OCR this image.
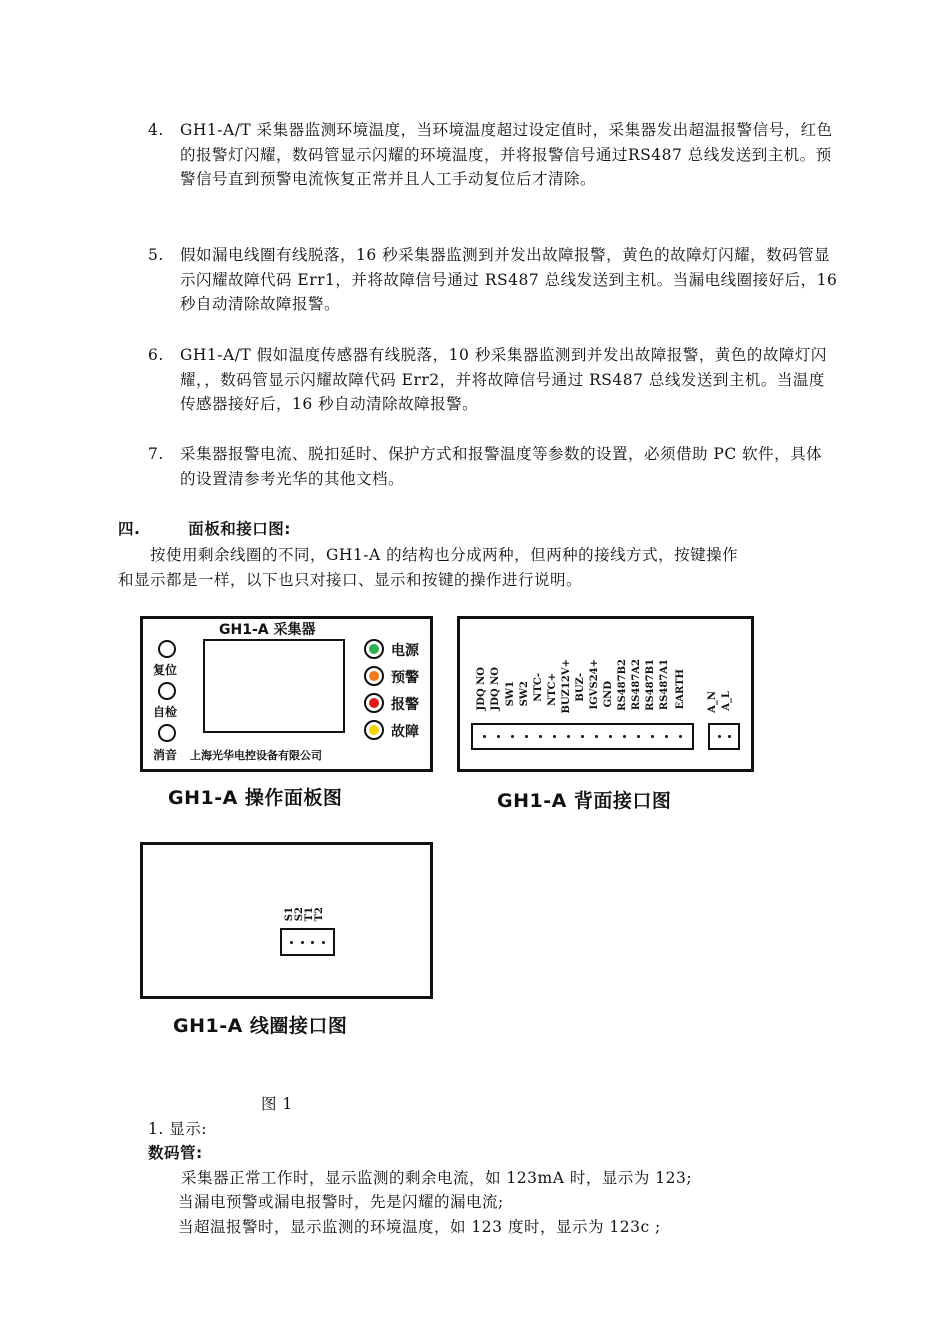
4.	GH1-A/T 采集器监测环境温度，当环境温度超过设定值时，采集器发出超温报警信号，红色的报警灯闪耀，数码管显示闪耀的环境温度，并将报警信号通过RS487 总线发送到主机。预警信号直到预警电流恢复正常并且人工手动复位后才清除。
5.	假如漏电线圈有线脱落，16 秒采集器监测到并发出故障报警，黄色的故障灯闪耀，数码管显示闪耀故障代码 Err1，并将故障信号通过 RS487 总线发送到主机。当漏电线圈接好后，16 秒自动清除故障报警。
6.	GH1-A/T 假如温度传感器有线脱落，10 秒采集器监测到并发出故障报警，黄色的故障灯闪耀，，数码管显示闪耀故障代码 Err2，并将故障信号通过 RS487 总线发送到主机。当温度传感器接好后，16 秒自动清除故障报警。
7.	采集器报警电流、脱扣延时、保护方式和报警温度等参数的设置，必须借助 PC 软件，具体的设置清参考光华的其他文档。
四.	面板和接口图:
按使用剩余线圈的不同，GH1-A 的结构也分成两种，但两种的接线方式，按键操作
和显示都是一样，以下也只对接口、显示和按键的操作进行说明。
GH1-A 采集器
复位
自检
消音
电源
预警
报警
故障
上海光华电控设备有限公司
GH1-A 操作面板图
JDQ NO JDQ NO SW1 SW2 NTC- NTC+ BUZ12V+ BUZ- IGVS24+ GND RS487B2 RS487A2 RS487B1 RS487A1 EARTH A_N A_L
GH1-A 背面接口图
S1 S2 T1 T2
GH1-A 线圈接口图
图 1
1. 显示:
数码管:
采集器正常工作时，显示监测的剩余电流，如 123mA 时，显示为 123;
当漏电预警或漏电报警时，先是闪耀的漏电流;
当超温报警时，显示监测的环境温度，如 123 度时，显示为 123c ;
